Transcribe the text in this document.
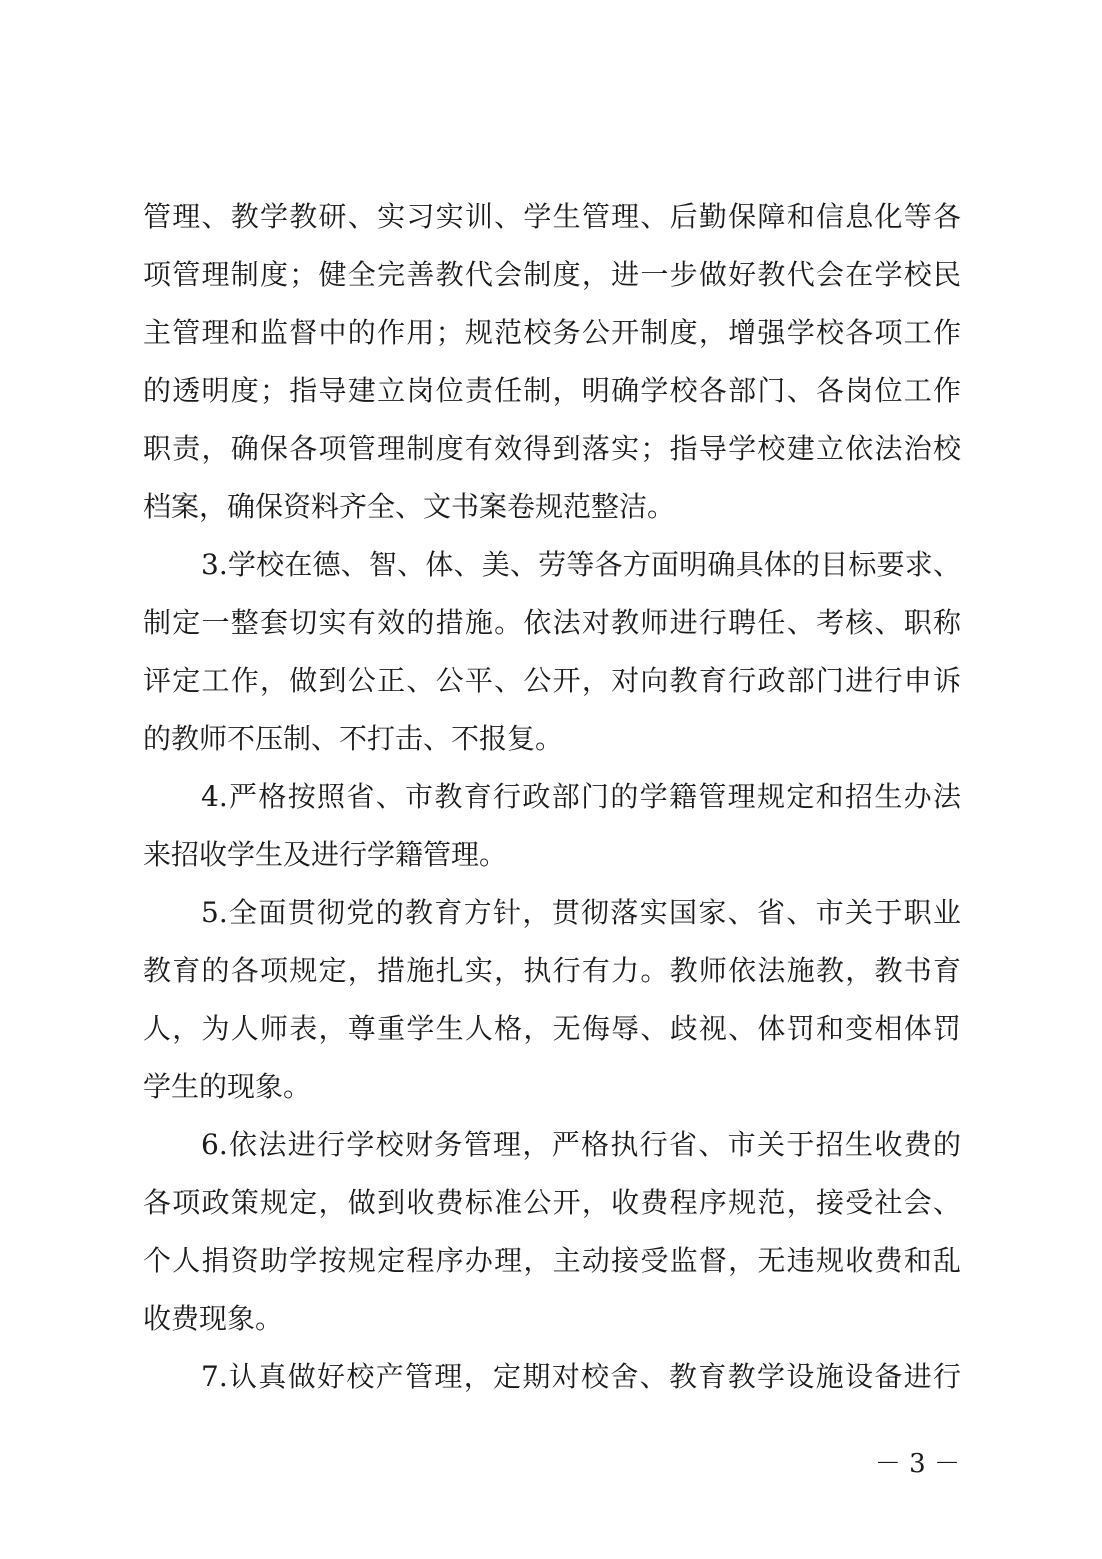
管理、教学教研、实习实训、学生管理、后勤保障和信息化等各
项管理制度；健全完善教代会制度，进一步做好教代会在学校民
主管理和监督中的作用；规范校务公开制度，增强学校各项工作
的透明度；指导建立岗位责任制，明确学校各部门、各岗位工作
职责，确保各项管理制度有效得到落实；指导学校建立依法治校
档案，确保资料齐全、文书案卷规范整洁。
3.学校在德、智、体、美、劳等各方面明确具体的目标要求、
制定一整套切实有效的措施。依法对教师进行聘任、考核、职称
评定工作，做到公正、公平、公开，对向教育行政部门进行申诉
的教师不压制、不打击、不报复。
4.严格按照省、市教育行政部门的学籍管理规定和招生办法
来招收学生及进行学籍管理。
5.全面贯彻党的教育方针，贯彻落实国家、省、市关于职业
教育的各项规定，措施扎实，执行有力。教师依法施教，教书育
人，为人师表，尊重学生人格，无侮辱、歧视、体罚和变相体罚
学生的现象。
6.依法进行学校财务管理，严格执行省、市关于招生收费的
各项政策规定，做到收费标准公开，收费程序规范，接受社会、
个人捐资助学按规定程序办理，主动接受监督，无违规收费和乱
收费现象。
7.认真做好校产管理，定期对校舍、教育教学设施设备进行
－ 3 －
